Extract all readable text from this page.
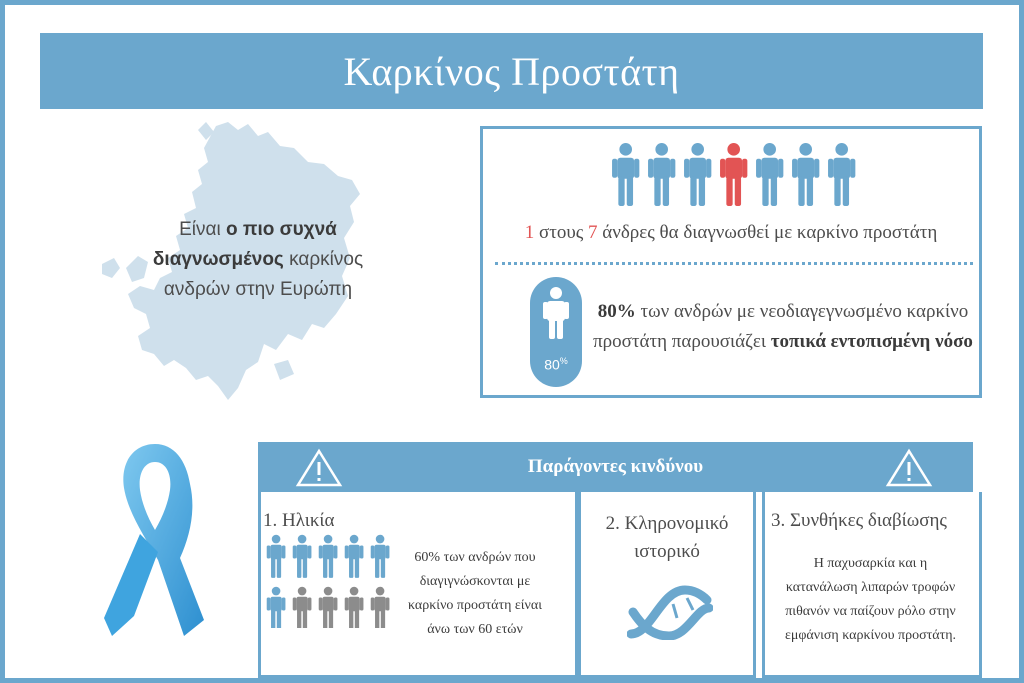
Καρκίνος Προστάτη
Είναι ο πιο συχνά διαγνωσμένος καρκίνος ανδρών στην Ευρώπη
1 στους 7 άνδρες θα διαγνωσθεί με καρκίνο προστάτη
80%
80% των ανδρών με νεοδιαγεγνωσμένο καρκίνο προστάτη παρουσιάζει τοπικά εντοπισμένη νόσο
Παράγοντες κινδύνου
1. Ηλικία
60% των ανδρών που διαγιγνώσκονται με καρκίνο προστάτη είναι άνω των 60 ετών
2. Κληρονομικό
ιστορικό
3. Συνθήκες διαβίωσης
Η παχυσαρκία και η κατανάλωση λιπαρών τροφών πιθανόν να παίζουν ρόλο στην εμφάνιση καρκίνου προστάτη.
